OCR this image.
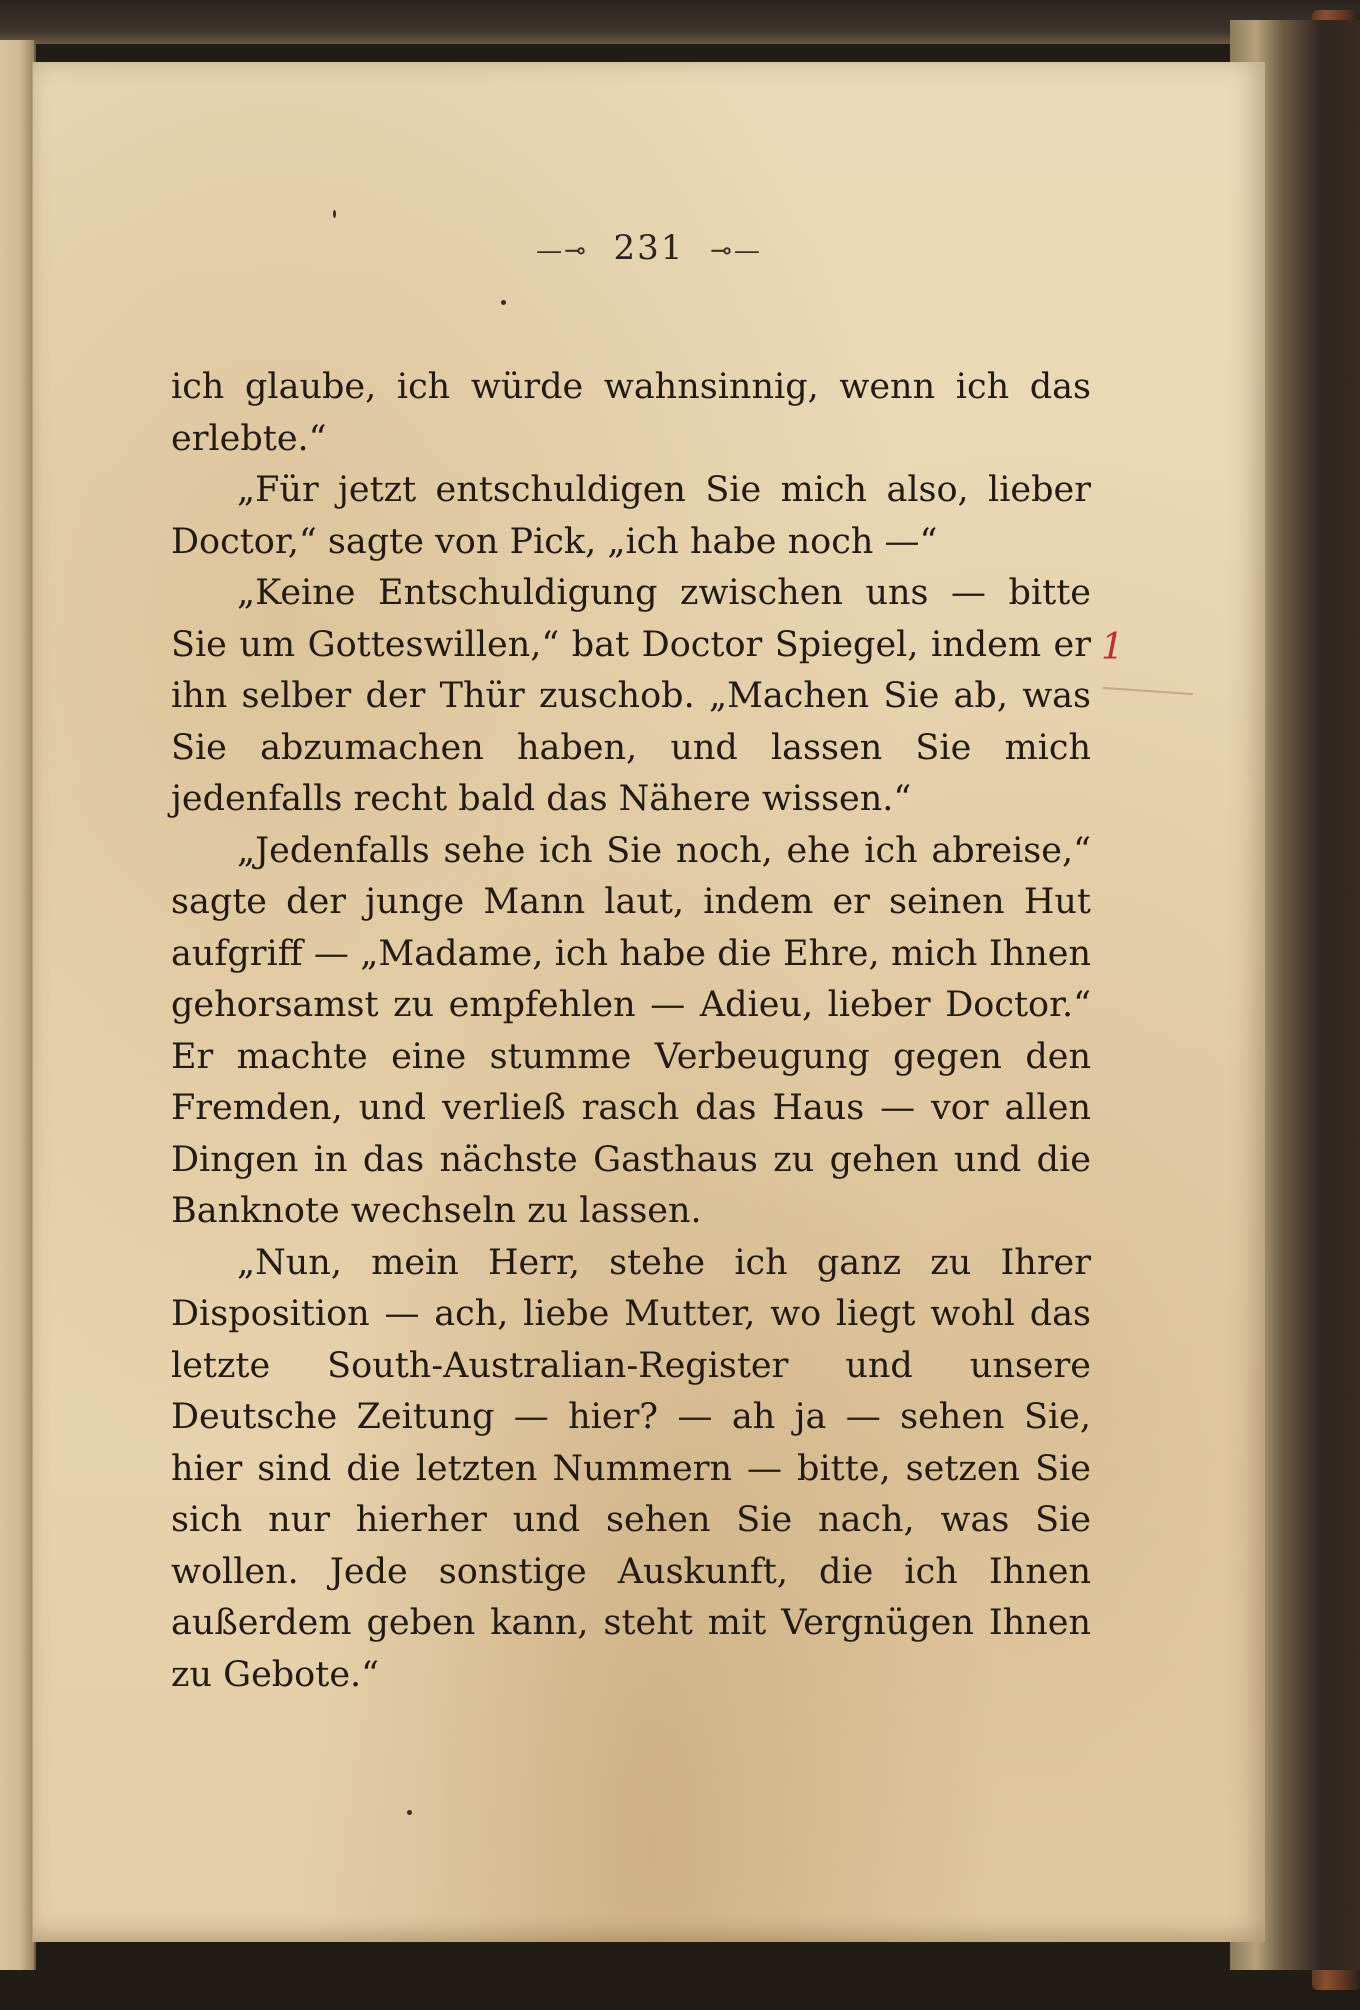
—⊸ 231 ⊸—

ich glaube, ich würde wahnsinnig, wenn ich das erlebte.“

„Für jetzt entschuldigen Sie mich also, lieber Doctor,“ sagte von Pick, „ich habe noch —“

„Keine Entschuldigung zwischen uns — bitte Sie um Gotteswillen,“ bat Doctor Spiegel, indem er ihn selber der Thür zuschob. „Machen Sie ab, was Sie abzumachen haben, und lassen Sie mich jedenfalls recht bald das Nähere wissen.“

„Jedenfalls sehe ich Sie noch, ehe ich abreise,“ sagte der junge Mann laut, indem er seinen Hut aufgriff — „Madame, ich habe die Ehre, mich Ihnen gehorsamst zu empfehlen — Adieu, lieber Doctor.“ Er machte eine stumme Verbeugung gegen den Fremden, und verließ rasch das Haus — vor allen Dingen in das nächste Gasthaus zu gehen und die Banknote wechseln zu lassen.

„Nun, mein Herr, stehe ich ganz zu Ihrer Disposition — ach, liebe Mutter, wo liegt wohl das letzte South-Australian-Register und unsere Deutsche Zeitung — hier? — ah ja — sehen Sie, hier sind die letzten Nummern — bitte, setzen Sie sich nur hierher und sehen Sie nach, was Sie wollen. Jede sonstige Auskunft, die ich Ihnen außerdem geben kann, steht mit Vergnügen Ihnen zu Gebote.“

1
